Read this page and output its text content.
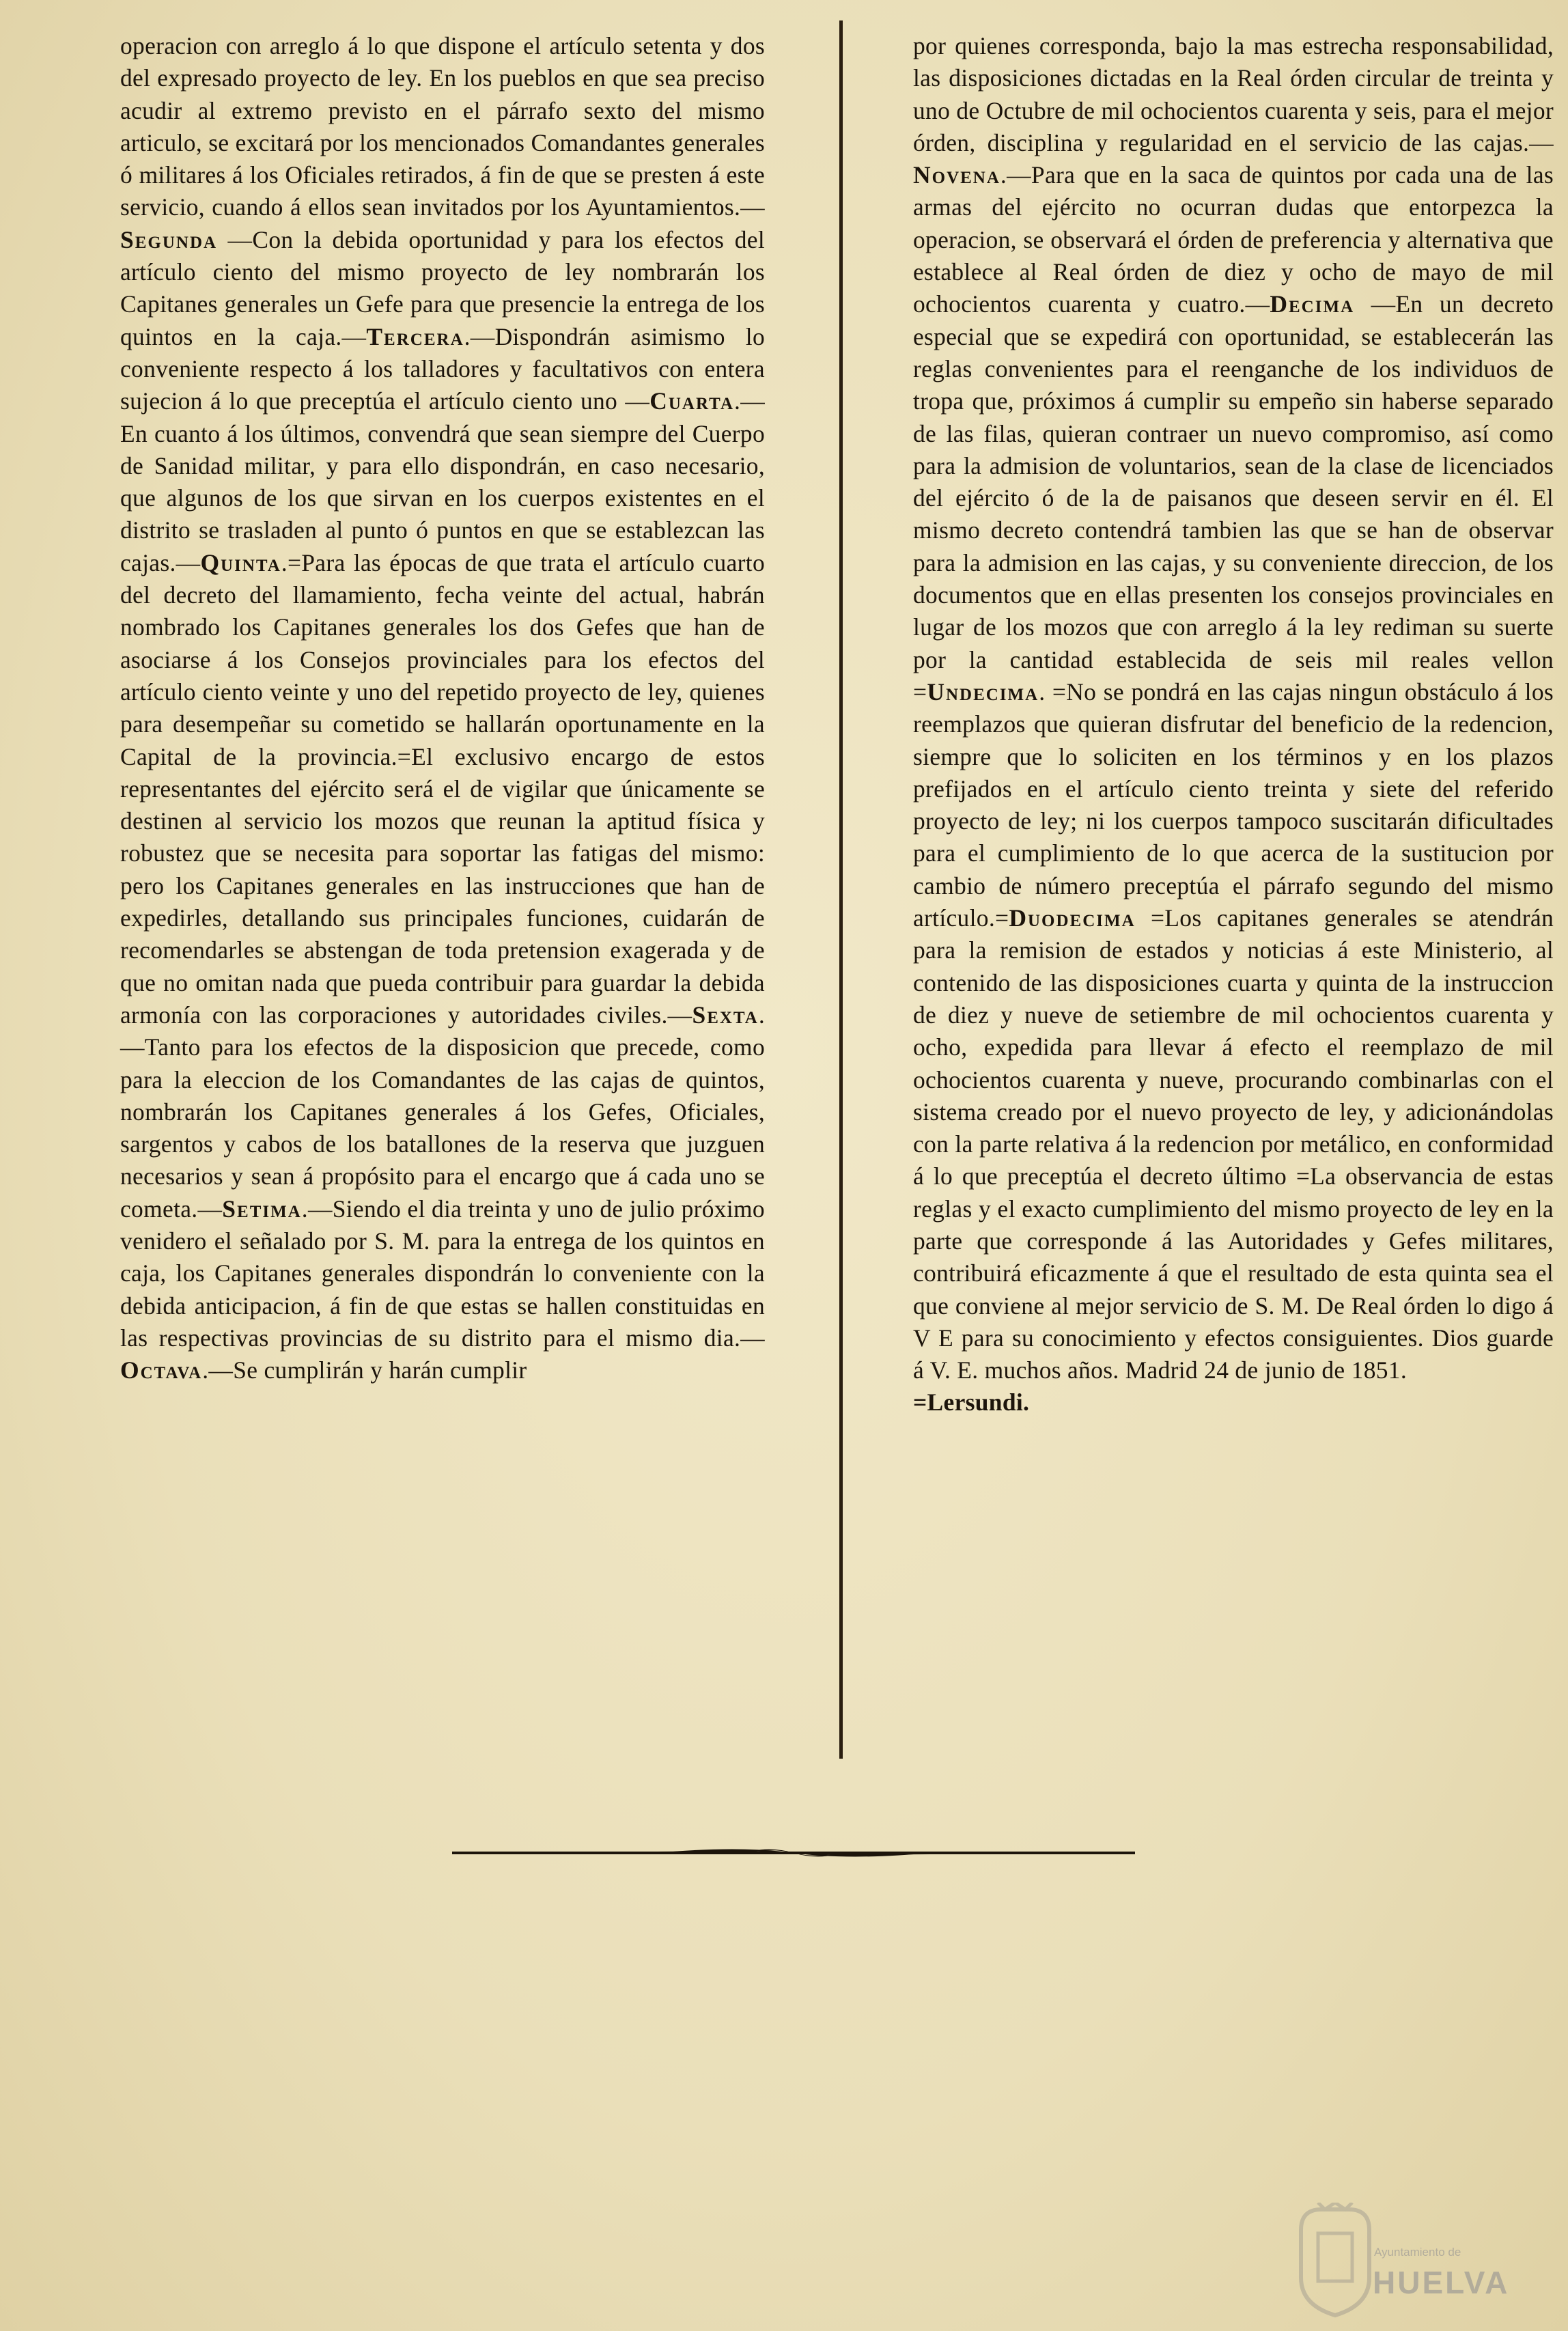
operacion con arreglo á lo que dispone el artículo setenta y dos del expresado proyecto de ley. En los pueblos en que sea preciso acudir al extremo previsto en el párrafo sexto del mismo articulo, se excitará por los mencionados Comandantes generales ó militares á los Oficiales retirados, á fin de que se presten á este servicio, cuando á ellos sean invitados por los Ayuntamientos.—Segunda —Con la debida oportunidad y para los efectos del artículo ciento del mismo proyecto de ley nombrarán los Capitanes generales un Gefe para que presencie la entrega de los quintos en la caja.—Tercera.—Dispondrán asimismo lo conveniente respecto á los talladores y facultativos con entera sujecion á lo que preceptúa el artículo ciento uno —Cuarta.—En cuanto á los últimos, convendrá que sean siempre del Cuerpo de Sanidad militar, y para ello dispondrán, en caso necesario, que algunos de los que sirvan en los cuerpos existentes en el distrito se trasladen al punto ó puntos en que se establezcan las cajas.—Quinta.=Para las épocas de que trata el artículo cuarto del decreto del llamamiento, fecha veinte del actual, habrán nombrado los Capitanes generales los dos Gefes que han de asociarse á los Consejos provinciales para los efectos del artículo ciento veinte y uno del repetido proyecto de ley, quienes para desempeñar su cometido se hallarán oportunamente en la Capital de la provincia.=El exclusivo encargo de estos representantes del ejército será el de vigilar que únicamente se destinen al servicio los mozos que reunan la aptitud física y robustez que se necesita para soportar las fatigas del mismo: pero los Capitanes generales en las instrucciones que han de expedirles, detallando sus principales funciones, cuidarán de recomendarles se abstengan de toda pretension exagerada y de que no omitan nada que pueda contribuir para guardar la debida armonía con las corporaciones y autoridades civiles.—Sexta. —Tanto para los efectos de la disposicion que precede, como para la eleccion de los Comandantes de las cajas de quintos, nombrarán los Capitanes generales á los Gefes, Oficiales, sargentos y cabos de los batallones de la reserva que juzguen necesarios y sean á propósito para el encargo que á cada uno se cometa.—Setima.—Siendo el dia treinta y uno de julio próximo venidero el señalado por S. M. para la entrega de los quintos en caja, los Capitanes generales dispondrán lo conveniente con la debida anticipacion, á fin de que estas se hallen constituidas en las respectivas provincias de su distrito para el mismo dia.—Octava.—Se cumplirán y harán cumplir

por quienes corresponda, bajo la mas estrecha responsabilidad, las disposiciones dictadas en la Real órden circular de treinta y uno de Octubre de mil ochocientos cuarenta y seis, para el mejor órden, disciplina y regularidad en el servicio de las cajas.—Novena.—Para que en la saca de quintos por cada una de las armas del ejército no ocurran dudas que entorpezca la operacion, se observará el órden de preferencia y alternativa que establece al Real órden de diez y ocho de mayo de mil ochocientos cuarenta y cuatro.—Decima —En un decreto especial que se expedirá con oportunidad, se establecerán las reglas convenientes para el reenganche de los individuos de tropa que, próximos á cumplir su empeño sin haberse separado de las filas, quieran contraer un nuevo compromiso, así como para la admision de voluntarios, sean de la clase de licenciados del ejército ó de la de paisanos que deseen servir en él. El mismo decreto contendrá tambien las que se han de observar para la admision en las cajas, y su conveniente direccion, de los documentos que en ellas presenten los consejos provinciales en lugar de los mozos que con arreglo á la ley rediman su suerte por la cantidad establecida de seis mil reales vellon =Undecima. =No se pondrá en las cajas ningun obstáculo á los reemplazos que quieran disfrutar del beneficio de la redencion, siempre que lo soliciten en los términos y en los plazos prefijados en el artículo ciento treinta y siete del referido proyecto de ley; ni los cuerpos tampoco suscitarán dificultades para el cumplimiento de lo que acerca de la sustitucion por cambio de número preceptúa el párrafo segundo del mismo artículo.=Duodecima =Los capitanes generales se atendrán para la remision de estados y noticias á este Ministerio, al contenido de las disposiciones cuarta y quinta de la instruccion de diez y nueve de setiembre de mil ochocientos cuarenta y ocho, expedida para llevar á efecto el reemplazo de mil ochocientos cuarenta y nueve, procurando combinarlas con el sistema creado por el nuevo proyecto de ley, y adicionándolas con la parte relativa á la redencion por metálico, en conformidad á lo que preceptúa el decreto último =La observancia de estas reglas y el exacto cumplimiento del mismo proyecto de ley en la parte que corresponde á las Autoridades y Gefes militares, contribuirá eficazmente á que el resultado de esta quinta sea el que conviene al mejor servicio de S. M. De Real órden lo digo á V E para su conocimiento y efectos consiguientes. Dios guarde á V. E. muchos años. Madrid 24 de junio de 1851.

=Lersundi.

Ayuntamiento de
HUELVA
